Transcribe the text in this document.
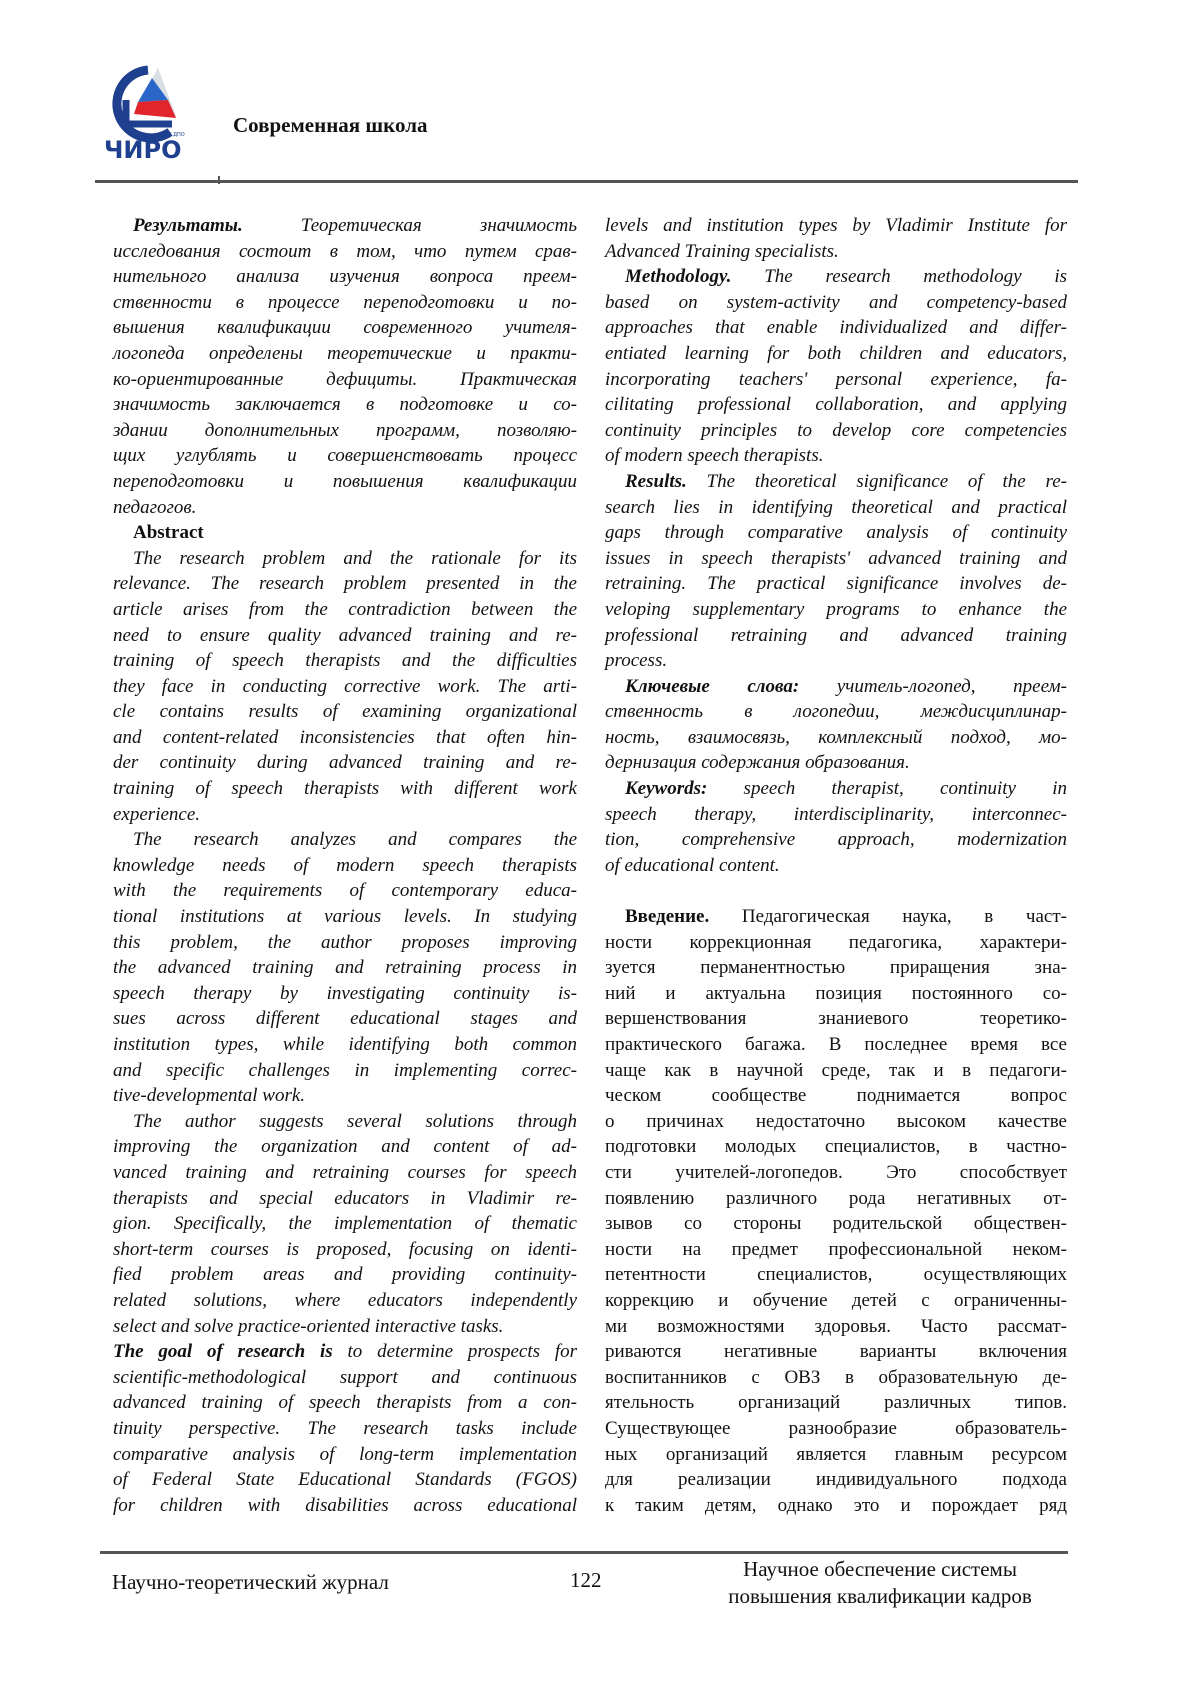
ГБУ ДПО
ЧИРО
Современная школа
Результаты. Теоретическая значимость
исследования состоит в том, что путем срав-
нительного анализа изучения вопроса преем-
ственности в процессе переподготовки и по-
вышения квалификации современного учителя-
логопеда определены теоретические и практи-
ко-ориентированные дефициты. Практическая
значимость заключается в подготовке и со-
здании дополнительных программ, позволяю-
щих углублять и совершенствовать процесс
переподготовки и повышения квалификации
педагогов.
Abstract
The research problem and the rationale for its
relevance. The research problem presented in the
article arises from the contradiction between the
need to ensure quality advanced training and re-
training of speech therapists and the difficulties
they face in conducting corrective work. The arti-
cle contains results of examining organizational
and content-related inconsistencies that often hin-
der continuity during advanced training and re-
training of speech therapists with different work
experience.
The research analyzes and compares the
knowledge needs of modern speech therapists
with the requirements of contemporary educa-
tional institutions at various levels. In studying
this problem, the author proposes improving
the advanced training and retraining process in
speech therapy by investigating continuity is-
sues across different educational stages and
institution types, while identifying both common
and specific challenges in implementing correc-
tive-developmental work.
The author suggests several solutions through
improving the organization and content of ad-
vanced training and retraining courses for speech
therapists and special educators in Vladimir re-
gion. Specifically, the implementation of thematic
short-term courses is proposed, focusing on identi-
fied problem areas and providing continuity-
related solutions, where educators independently
select and solve practice-oriented interactive tasks.
The goal of research is to determine prospects for
scientific-methodological support and continuous
advanced training of speech therapists from a con-
tinuity perspective. The research tasks include
comparative analysis of long-term implementation
of Federal State Educational Standards (FGOS)
for children with disabilities across educational
levels and institution types by Vladimir Institute for
Advanced Training specialists.
Methodology. The research methodology is
based on system-activity and competency-based
approaches that enable individualized and differ-
entiated learning for both children and educators,
incorporating teachers' personal experience, fa-
cilitating professional collaboration, and applying
continuity principles to develop core competencies
of modern speech therapists.
Results. The theoretical significance of the re-
search lies in identifying theoretical and practical
gaps through comparative analysis of continuity
issues in speech therapists' advanced training and
retraining. The practical significance involves de-
veloping supplementary programs to enhance the
professional retraining and advanced training
process.
Ключевые слова: учитель-логопед, преем-
ственность в логопедии, междисциплинар-
ность, взаимосвязь, комплексный подход, мо-
дернизация содержания образования.
Keywords: speech therapist, continuity in
speech therapy, interdisciplinarity, interconnec-
tion, comprehensive approach, modernization
of educational content.
Введение. Педагогическая наука, в част-
ности коррекционная педагогика, характери-
зуется перманентностью приращения зна-
ний и актуальна позиция постоянного со-
вершенствования знаниевого теоретико-
практического багажа. В последнее время все
чаще как в научной среде, так и в педагоги-
ческом сообществе поднимается вопрос
о причинах недостаточно высоком качестве
подготовки молодых специалистов, в частно-
сти учителей-логопедов. Это способствует
появлению различного рода негативных от-
зывов со стороны родительской обществен-
ности на предмет профессиональной неком-
петентности специалистов, осуществляющих
коррекцию и обучение детей с ограниченны-
ми возможностями здоровья. Часто рассмат-
риваются негативные варианты включения
воспитанников с ОВЗ в образовательную де-
ятельность организаций различных типов.
Существующее разнообразие образователь-
ных организаций является главным ресурсом
для реализации индивидуального подхода
к таким детям, однако это и порождает ряд
Научно-теоретический журнал	122	Научное обеспечение системы
повышения квалификации кадров
